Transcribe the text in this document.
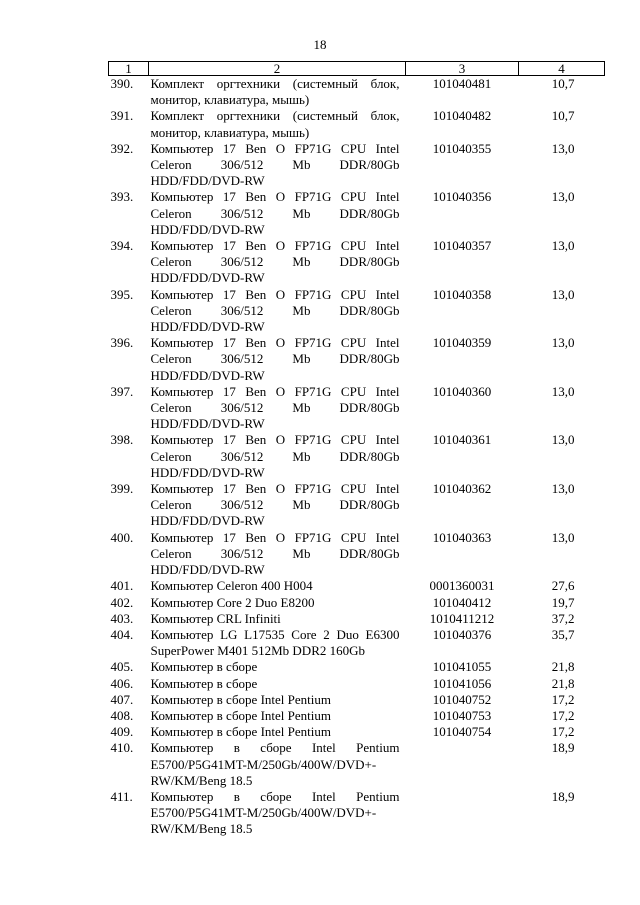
18
1	2	3	4
390.	Комплект оргтехники (системный блок,
монитор, клавиатура, мышь)	101040481	10,7
391.	Комплект оргтехники (системный блок,
монитор, клавиатура, мышь)	101040482	10,7
392.	Компьютер 17 Ben O FP71G CPU Intel
Celeron 306/512 Mb DDR/80Gb
HDD/FDD/DVD-RW	101040355	13,0
393.	Компьютер 17 Ben O FP71G CPU Intel
Celeron 306/512 Mb DDR/80Gb
HDD/FDD/DVD-RW	101040356	13,0
394.	Компьютер 17 Ben O FP71G CPU Intel
Celeron 306/512 Mb DDR/80Gb
HDD/FDD/DVD-RW	101040357	13,0
395.	Компьютер 17 Ben O FP71G CPU Intel
Celeron 306/512 Mb DDR/80Gb
HDD/FDD/DVD-RW	101040358	13,0
396.	Компьютер 17 Ben O FP71G CPU Intel
Celeron 306/512 Mb DDR/80Gb
HDD/FDD/DVD-RW	101040359	13,0
397.	Компьютер 17 Ben O FP71G CPU Intel
Celeron 306/512 Mb DDR/80Gb
HDD/FDD/DVD-RW	101040360	13,0
398.	Компьютер 17 Ben O FP71G CPU Intel
Celeron 306/512 Mb DDR/80Gb
HDD/FDD/DVD-RW	101040361	13,0
399.	Компьютер 17 Ben O FP71G CPU Intel
Celeron 306/512 Mb DDR/80Gb
HDD/FDD/DVD-RW	101040362	13,0
400.	Компьютер 17 Ben O FP71G CPU Intel
Celeron 306/512 Mb DDR/80Gb
HDD/FDD/DVD-RW	101040363	13,0
401.	Компьютер Celeron 400 H004	0001360031	27,6
402.	Компьютер Core 2 Duo E8200	101040412	19,7
403.	Компьютер CRL Infiniti	1010411212	37,2
404.	Компьютер LG L17535 Core 2 Duo E6300
SuperPower M401 512Mb DDR2 160Gb	101040376	35,7
405.	Компьютер в сборе	101041055	21,8
406.	Компьютер в сборе	101041056	21,8
407.	Компьютер в сборе Intel Pentium	101040752	17,2
408.	Компьютер в сборе Intel Pentium	101040753	17,2
409.	Компьютер в сборе Intel Pentium	101040754	17,2
410.	Компьютер в сборе Intel Pentium
E5700/P5G41MT-M/250Gb/400W/DVD+-
RW/KM/Beng 18.5		18,9
411.	Компьютер в сборе Intel Pentium
E5700/P5G41MT-M/250Gb/400W/DVD+-
RW/KM/Beng 18.5		18,9
